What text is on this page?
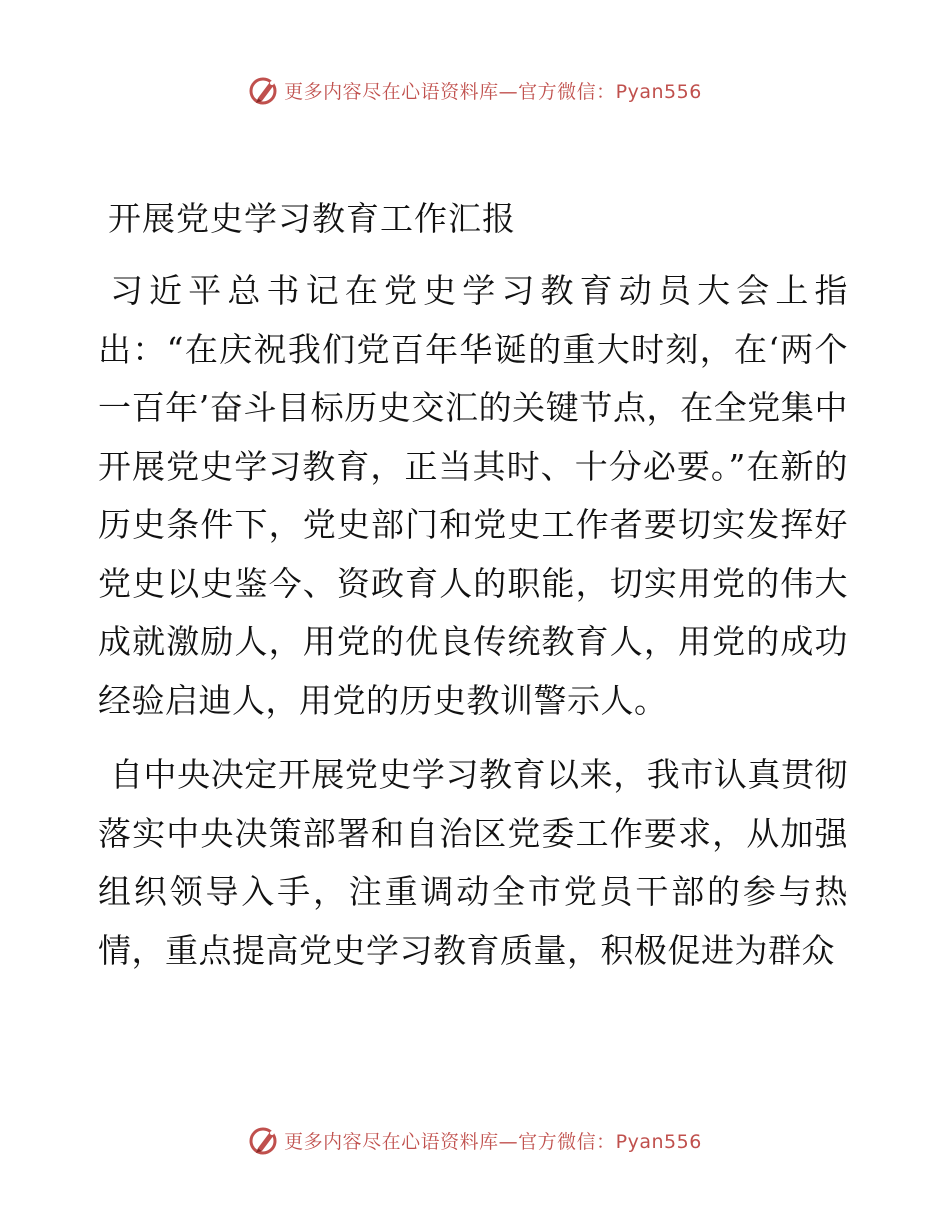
更多内容尽在心语资料库—官方微信：Pyan556
开展党史学习教育工作汇报

习近平总书记在党史学习教育动员大会上指出：“在庆祝我们党百年华诞的重大时刻，在‘两个一百年’奋斗目标历史交汇的关键节点，在全党集中开展党史学习教育，正当其时、十分必要。”在新的历史条件下，党史部门和党史工作者要切实发挥好党史以史鉴今、资政育人的职能，切实用党的伟大成就激励人，用党的优良传统教育人，用党的成功经验启迪人，用党的历史教训警示人。

自中央决定开展党史学习教育以来，我市认真贯彻落实中央决策部署和自治区党委工作要求，从加强组织领导入手，注重调动全市党员干部的参与热情，重点提高党史学习教育质量，积极促进为群众

更多内容尽在心语资料库—官方微信：Pyan556
